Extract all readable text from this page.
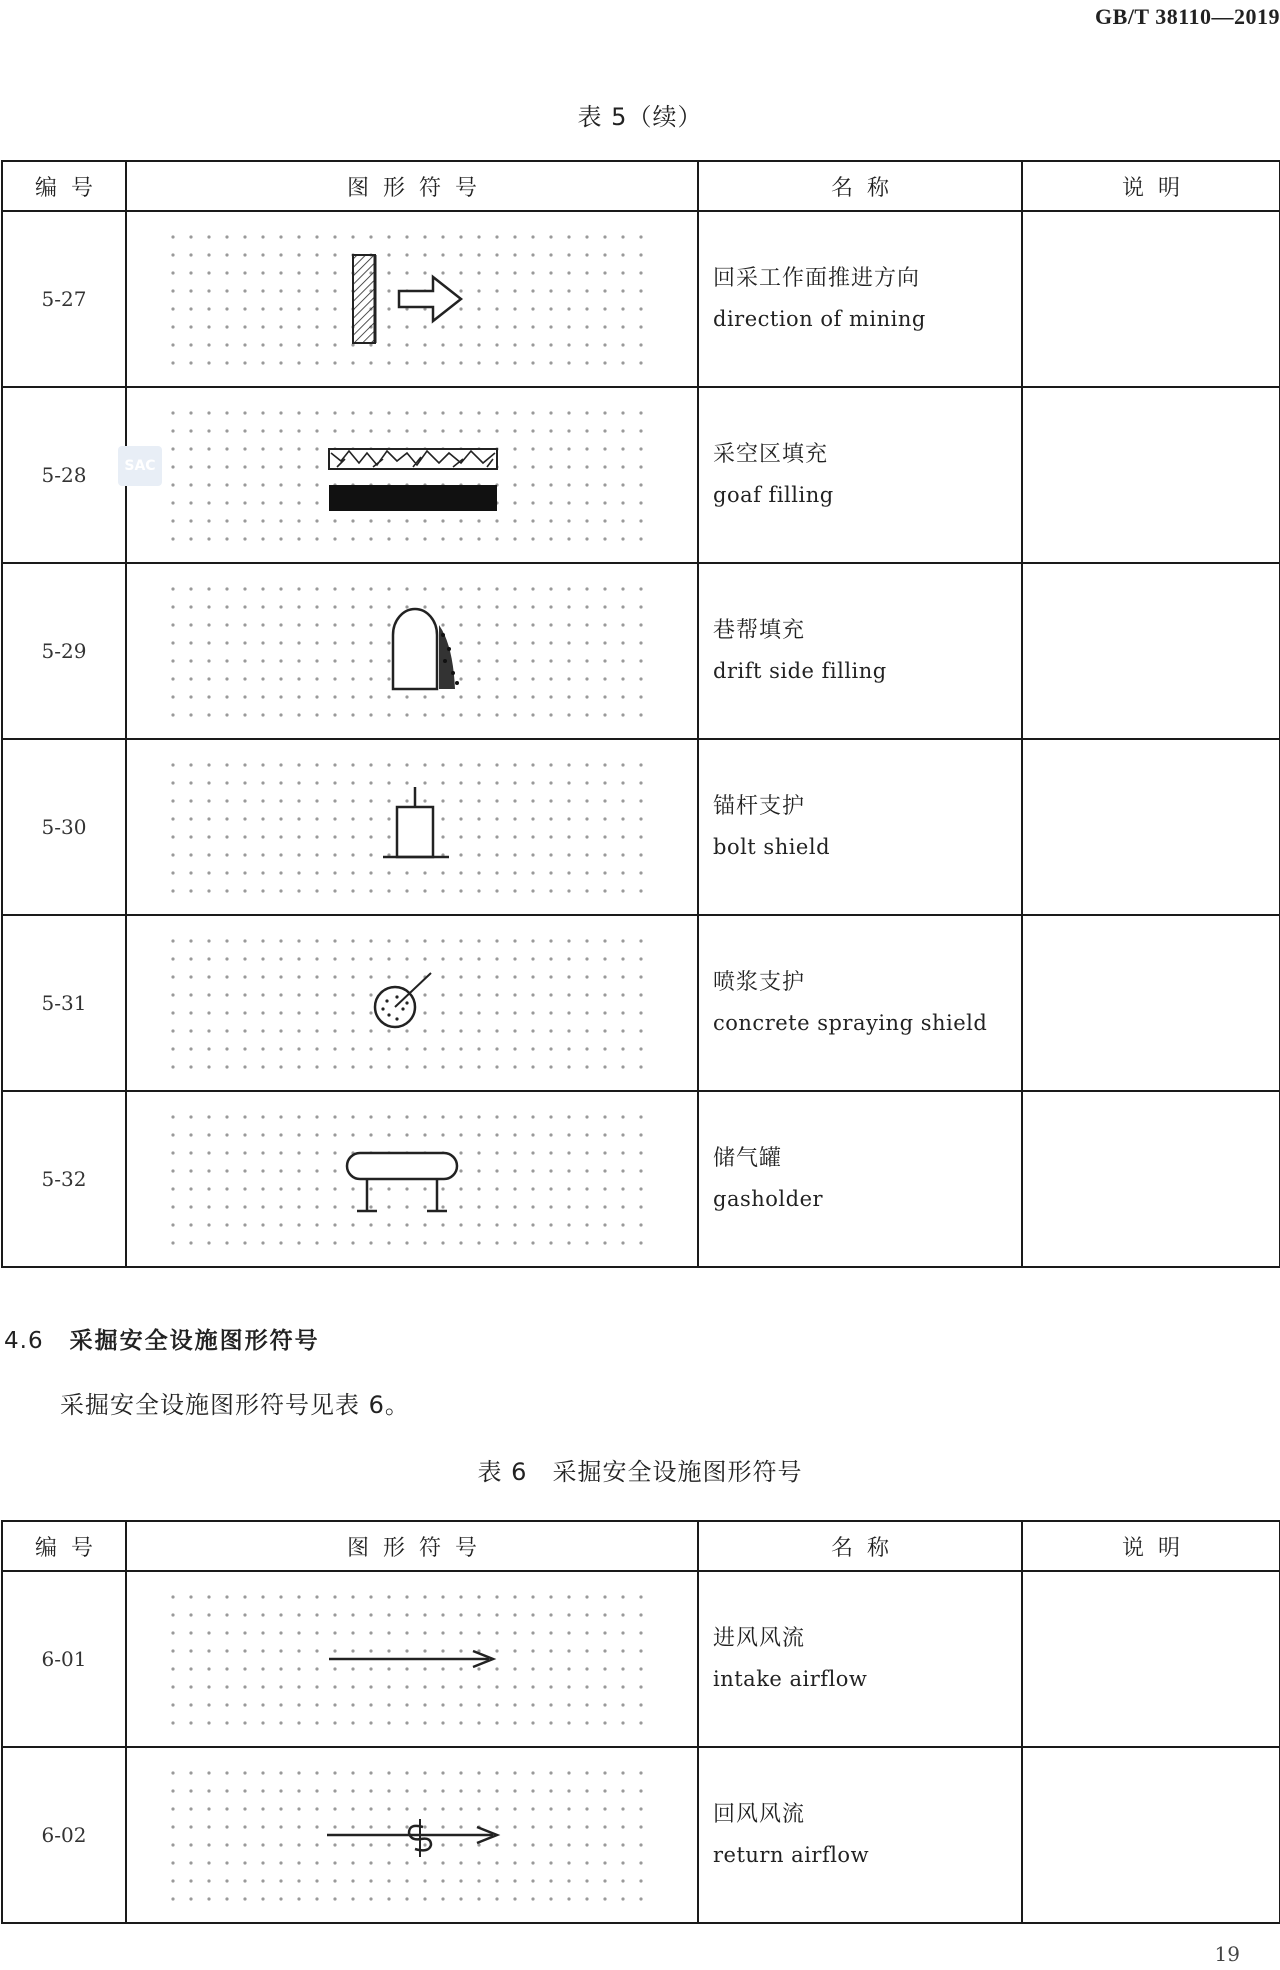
GB/T 38110—2019
表 5（续）
编号	图形符号	名称	说明
5-27		回采工作面推进方向
direction of mining	

5-28		采空区填充
goaf filling	

5-29		巷帮填充
drift side filling	

5-30		锚杆支护
bolt shield	

5-31		喷浆支护
concrete spraying shield	

5-32		储气罐
gasholder	

SAC
4.6 采掘安全设施图形符号
采掘安全设施图形符号见表 6。
表 6　采掘安全设施图形符号
编号	图形符号	名称	说明
6-01		进风风流
intake airflow	

6-02		回风风流
return airflow	

19
